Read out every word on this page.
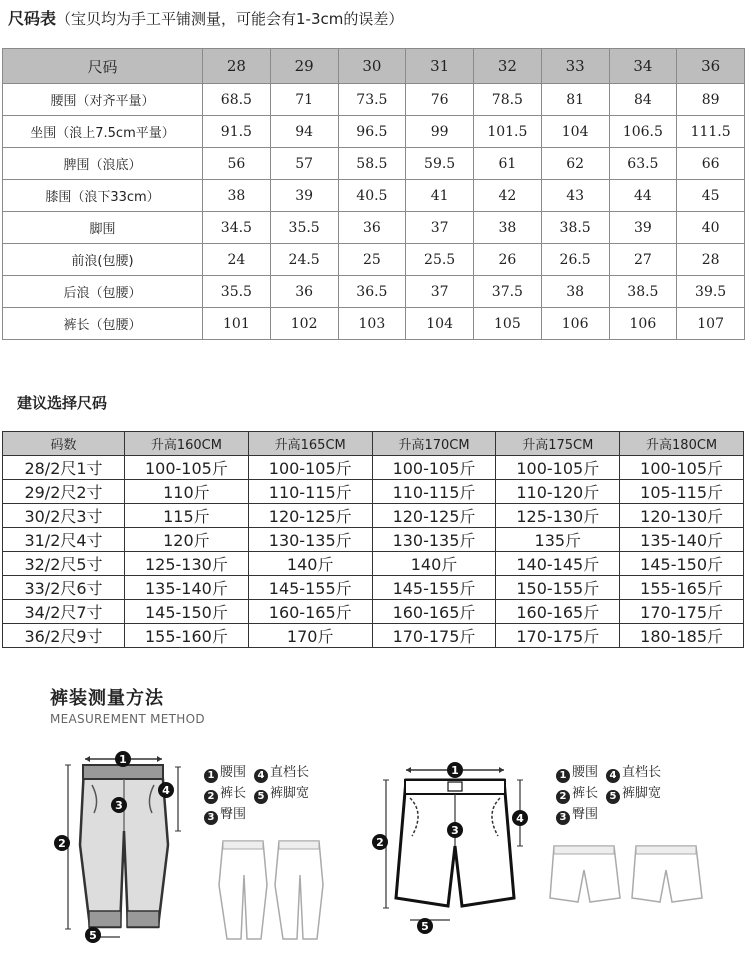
尺码表（宝贝均为手工平铺测量，可能会有1-3cm的误差）
尺码	28	29	30	31	32	33	34	36
腰围（对齐平量）	68.5	71	73.5	76	78.5	81	84	89
坐围（浪上7.5cm平量）	91.5	94	96.5	99	101.5	104	106.5	111.5
脾围（浪底）	56	57	58.5	59.5	61	62	63.5	66
膝围（浪下33cm）	38	39	40.5	41	42	43	44	45
脚围	34.5	35.5	36	37	38	38.5	39	40
前浪(包腰)	24	24.5	25	25.5	26	26.5	27	28
后浪（包腰）	35.5	36	36.5	37	37.5	38	38.5	39.5
裤长（包腰）	101	102	103	104	105	106	106	107
建议选择尺码
码数	升高160CM	升高165CM	升高170CM	升高175CM	升高180CM
28/2尺1寸	100-105斤	100-105斤	100-105斤	100-105斤	100-105斤
29/2尺2寸	110斤	110-115斤	110-115斤	110-120斤	105-115斤
30/2尺3寸	115斤	120-125斤	120-125斤	125-130斤	120-130斤
31/2尺4寸	120斤	130-135斤	130-135斤	135斤	135-140斤
32/2尺5寸	125-130斤	140斤	140斤	140-145斤	145-150斤
33/2尺6寸	135-140斤	145-155斤	145-155斤	150-155斤	155-165斤
34/2尺7寸	145-150斤	160-165斤	160-165斤	160-165斤	170-175斤
36/2尺9寸	155-160斤	170斤	170-175斤	170-175斤	180-185斤
裤装测量方法
MEASUREMENT METHOD
1
2
3
4
5
1 腰围 4 直档长
2 裤长 5 裤脚宽
3 臀围
1
2
3
4
5
1 腰围 4 直档长
2 裤长 5 裤脚宽
3 臀围
